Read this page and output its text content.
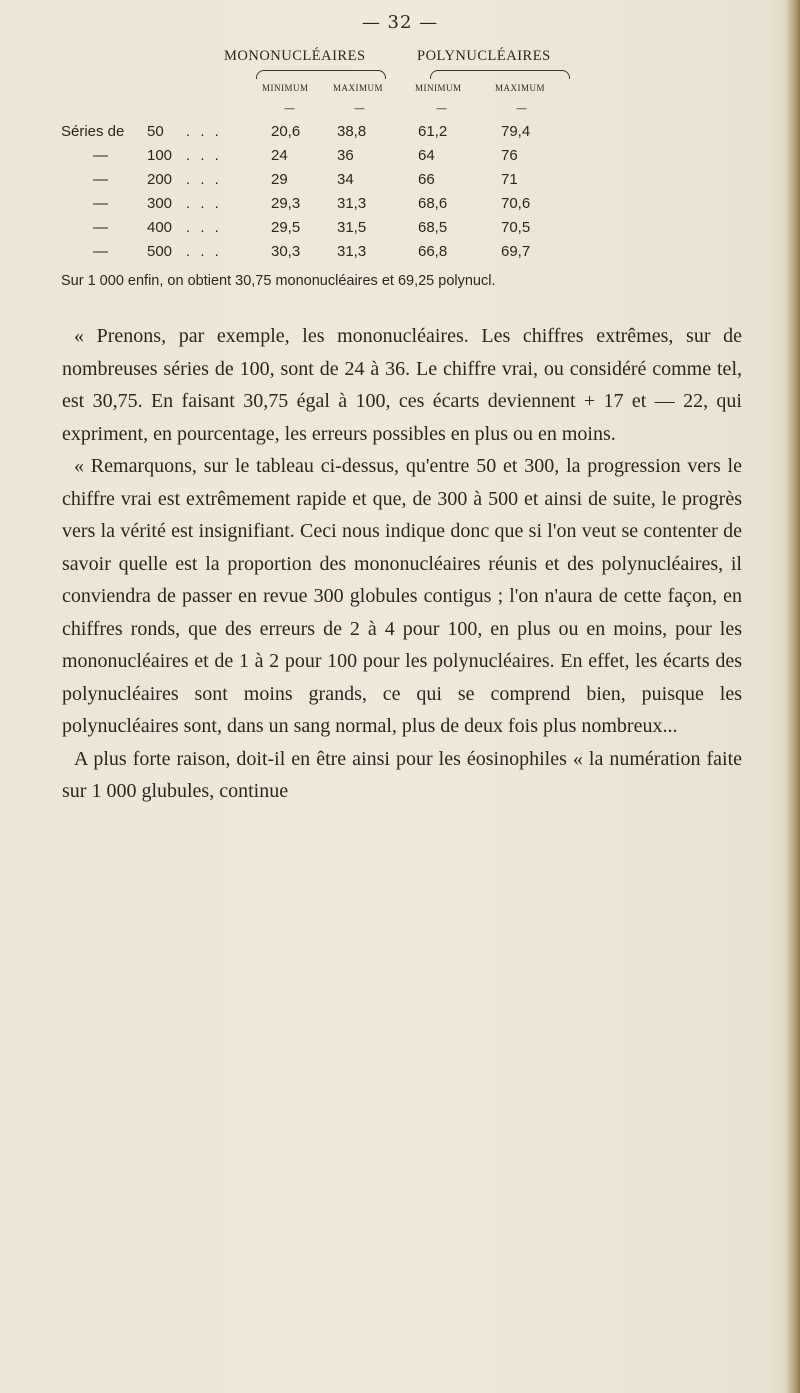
— 32 —
MONONUCLÉAIRES	POLYNUCLÉAIRES
MINIMUM	MAXIMUM	MINIMUM	MAXIMUM
—	—	—	—
Séries de 50 . . .	20,6 38,8	61,2	79,4
—	100 . . .	24	36	64	76
—	200 . . .	29	34	66	71
—	300 . . .	29,3 31,3	68,6	70,6
—	400 . . .	29,5 31,5	68,5	70,5
—	500 . . .	30,3 31,3	66,8	69,7
Sur 1 000 enfin, on obtient 30,75 mononucléaires et 69,25 polynucl.

« Prenons, par exemple, les mononucléaires. Les chiffres extrêmes, sur de nombreuses séries de 100, sont de 24 à 36. Le chiffre vrai, ou considéré comme tel, est 30,75. En faisant 30,75 égal à 100, ces écarts deviennent + 17 et — 22, qui expriment, en pourcentage, les erreurs possibles en plus ou en moins.

« Remarquons, sur le tableau ci-dessus, qu'entre 50 et 300, la progression vers le chiffre vrai est extrêmement rapide et que, de 300 à 500 et ainsi de suite, le progrès vers la vérité est insignifiant. Ceci nous indique donc que si l'on veut se contenter de savoir quelle est la proportion des mononucléaires réunis et des polynucléaires, il conviendra de passer en revue 300 globules contigus ; l'on n'aura de cette façon, en chiffres ronds, que des erreurs de 2 à 4 pour 100, en plus ou en moins, pour les mononucléaires et de 1 à 2 pour 100 pour les polynucléaires. En effet, les écarts des polynucléaires sont moins grands, ce qui se comprend bien, puisque les polynucléaires sont, dans un sang normal, plus de deux fois plus nombreux...

A plus forte raison, doit-il en être ainsi pour les éosinophiles « la numération faite sur 1 000 glubules, continue
